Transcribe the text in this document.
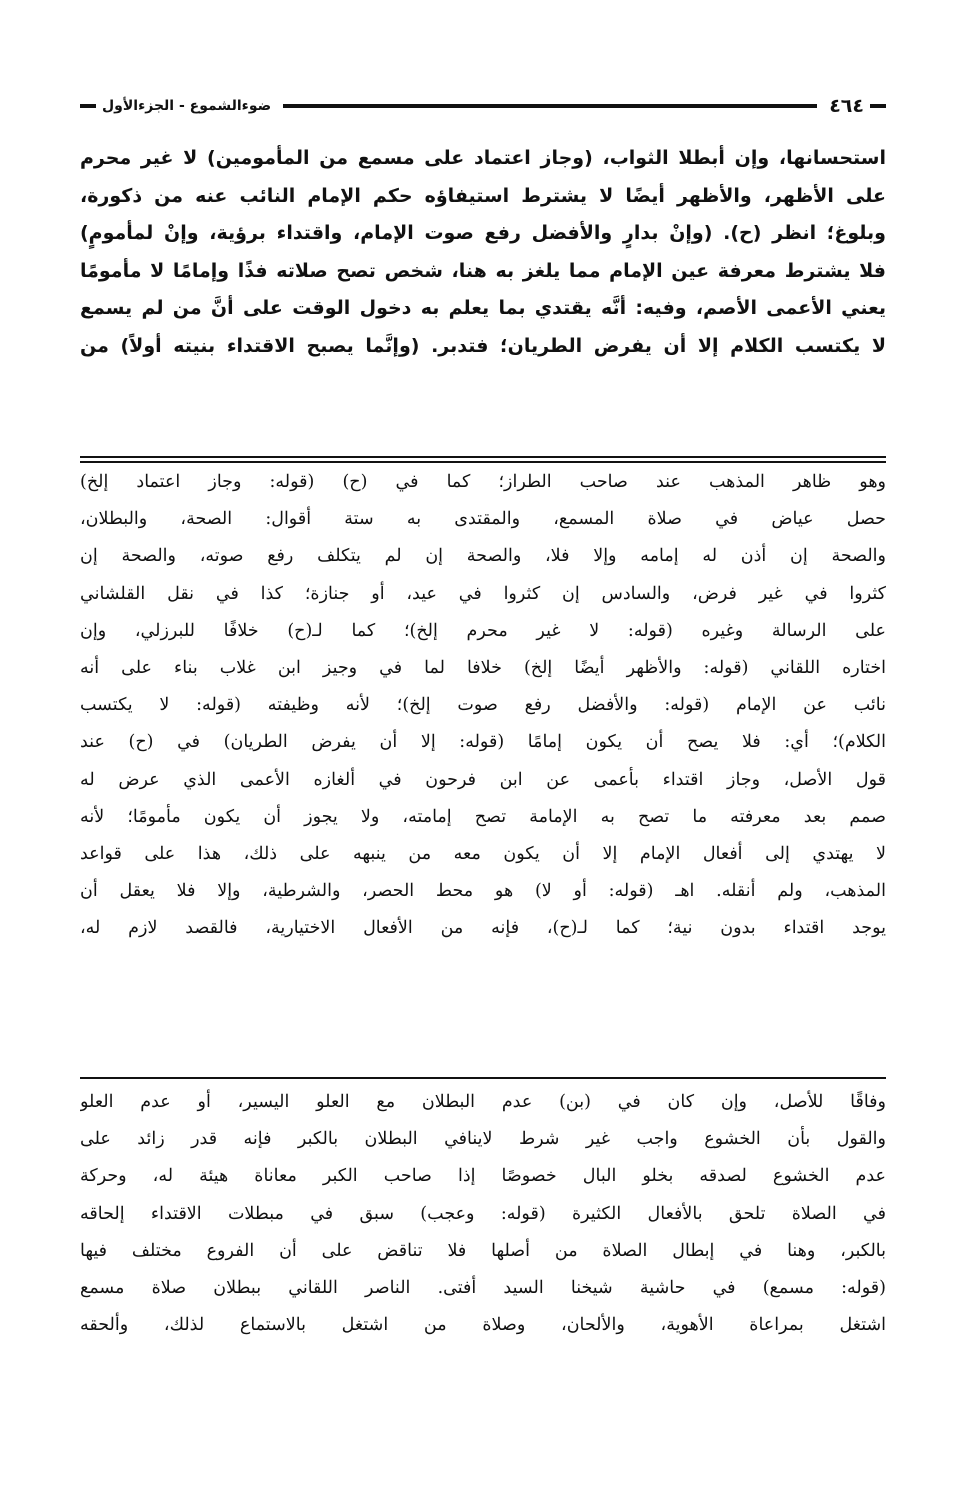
٤٦٤
ضوءالشموع - الجزءالأول
استحسانها، وإن أبطلا الثواب، (وجاز اعتماد على مسمع من المأمومين) لا غير محرم
على الأظهر، والأظهر أيضًا لا يشترط استيفاؤه حكم الإمام النائب عنه من ذكورة،
وبلوغ؛ انظر (ح). (وإنْ بدارٍ والأفضل رفع صوت الإمام، واقتداء برؤية، وإنْ لمأمومٍ)
فلا يشترط معرفة عين الإمام مما يلغز به هنا، شخص تصح صلاته فذًا وإمامًا لا مأمومًا
يعني الأعمى الأصم، وفيه: أنَّه يقتدي بما يعلم به دخول الوقت على أنَّ من لم يسمع
لا يكتسب الكلام إلا أن يفرض الطريان؛ فتدبر. (وإنَّما يصبح الاقتداء بنيته أولاً) من
وهو ظاهر المذهب عند صاحب الطراز؛ كما في (ح) (قوله: وجاز اعتماد إلخ)
حصل عياض في صلاة المسمع، والمقتدى به ستة أقوال: الصحة، والبطلان،
والصحة إن أذن له إمامه وإلا فلا، والصحة إن لم يتكلف رفع صوته، والصحة إن
كثروا في غير فرض، والسادس إن كثروا في عيد، أو جنازة؛ كذا في نقل القلشاني
على الرسالة وغيره (قوله: لا غير محرم إلخ)؛ كما لـ(ح) خلافًا للبرزلي، وإن
اختاره اللقاني (قوله: والأظهر أيضًا إلخ) خلافا لما في وجيز ابن غلاب بناء على أنه
نائب عن الإمام (قوله: والأفضل رفع صوت إلخ)؛ لأنه وظيفته (قوله: لا يكتسب
الكلام)؛ أي: فلا يصح أن يكون إمامًا (قوله: إلا أن يفرض الطريان) في (ح) عند
قول الأصل، وجاز اقتداء بأعمى عن ابن فرحون في ألغازه الأعمى الذي عرض له
صمم بعد معرفته ما تصح به الإمامة تصح إمامته، ولا يجوز أن يكون مأمومًا؛ لأنه
لا يهتدي إلى أفعال الإمام إلا أن يكون معه من ينبهه على ذلك، هذا على قواعد
المذهب، ولم أنقله. اهـ (قوله: أو لا) هو محط الحصر، والشرطية، وإلا فلا يعقل أن
يوجد اقتداء بدون نية؛ كما لـ(ح)، فإنه من الأفعال الاختيارية، فالقصد لازم له،
وفاقًا للأصل، وإن كان في (بن) عدم البطلان مع العلو اليسير، أو عدم العلو
والقول بأن الخشوع واجب غير شرط لاينافي البطلان بالكبر فإنه قدر زائد على
عدم الخشوع لصدقه بخلو البال خصوصًا إذا صاحب الكبر معاناة هيئة له، وحركة
في الصلاة تلحق بالأفعال الكثيرة (قوله: وعجب) سبق في مبطلات الاقتداء إلحاقه
بالكبر، وهنا في إبطال الصلاة من أصلها فلا تناقض على أن الفروع مختلف فيها
(قوله: مسمع) في حاشية شيخنا السيد أفتى. الناصر اللقاني ببطلان صلاة مسمع
اشتغل بمراعاة الأهوية، والألحان، وصلاة من اشتغل بالاستماع لذلك، وألحقه
